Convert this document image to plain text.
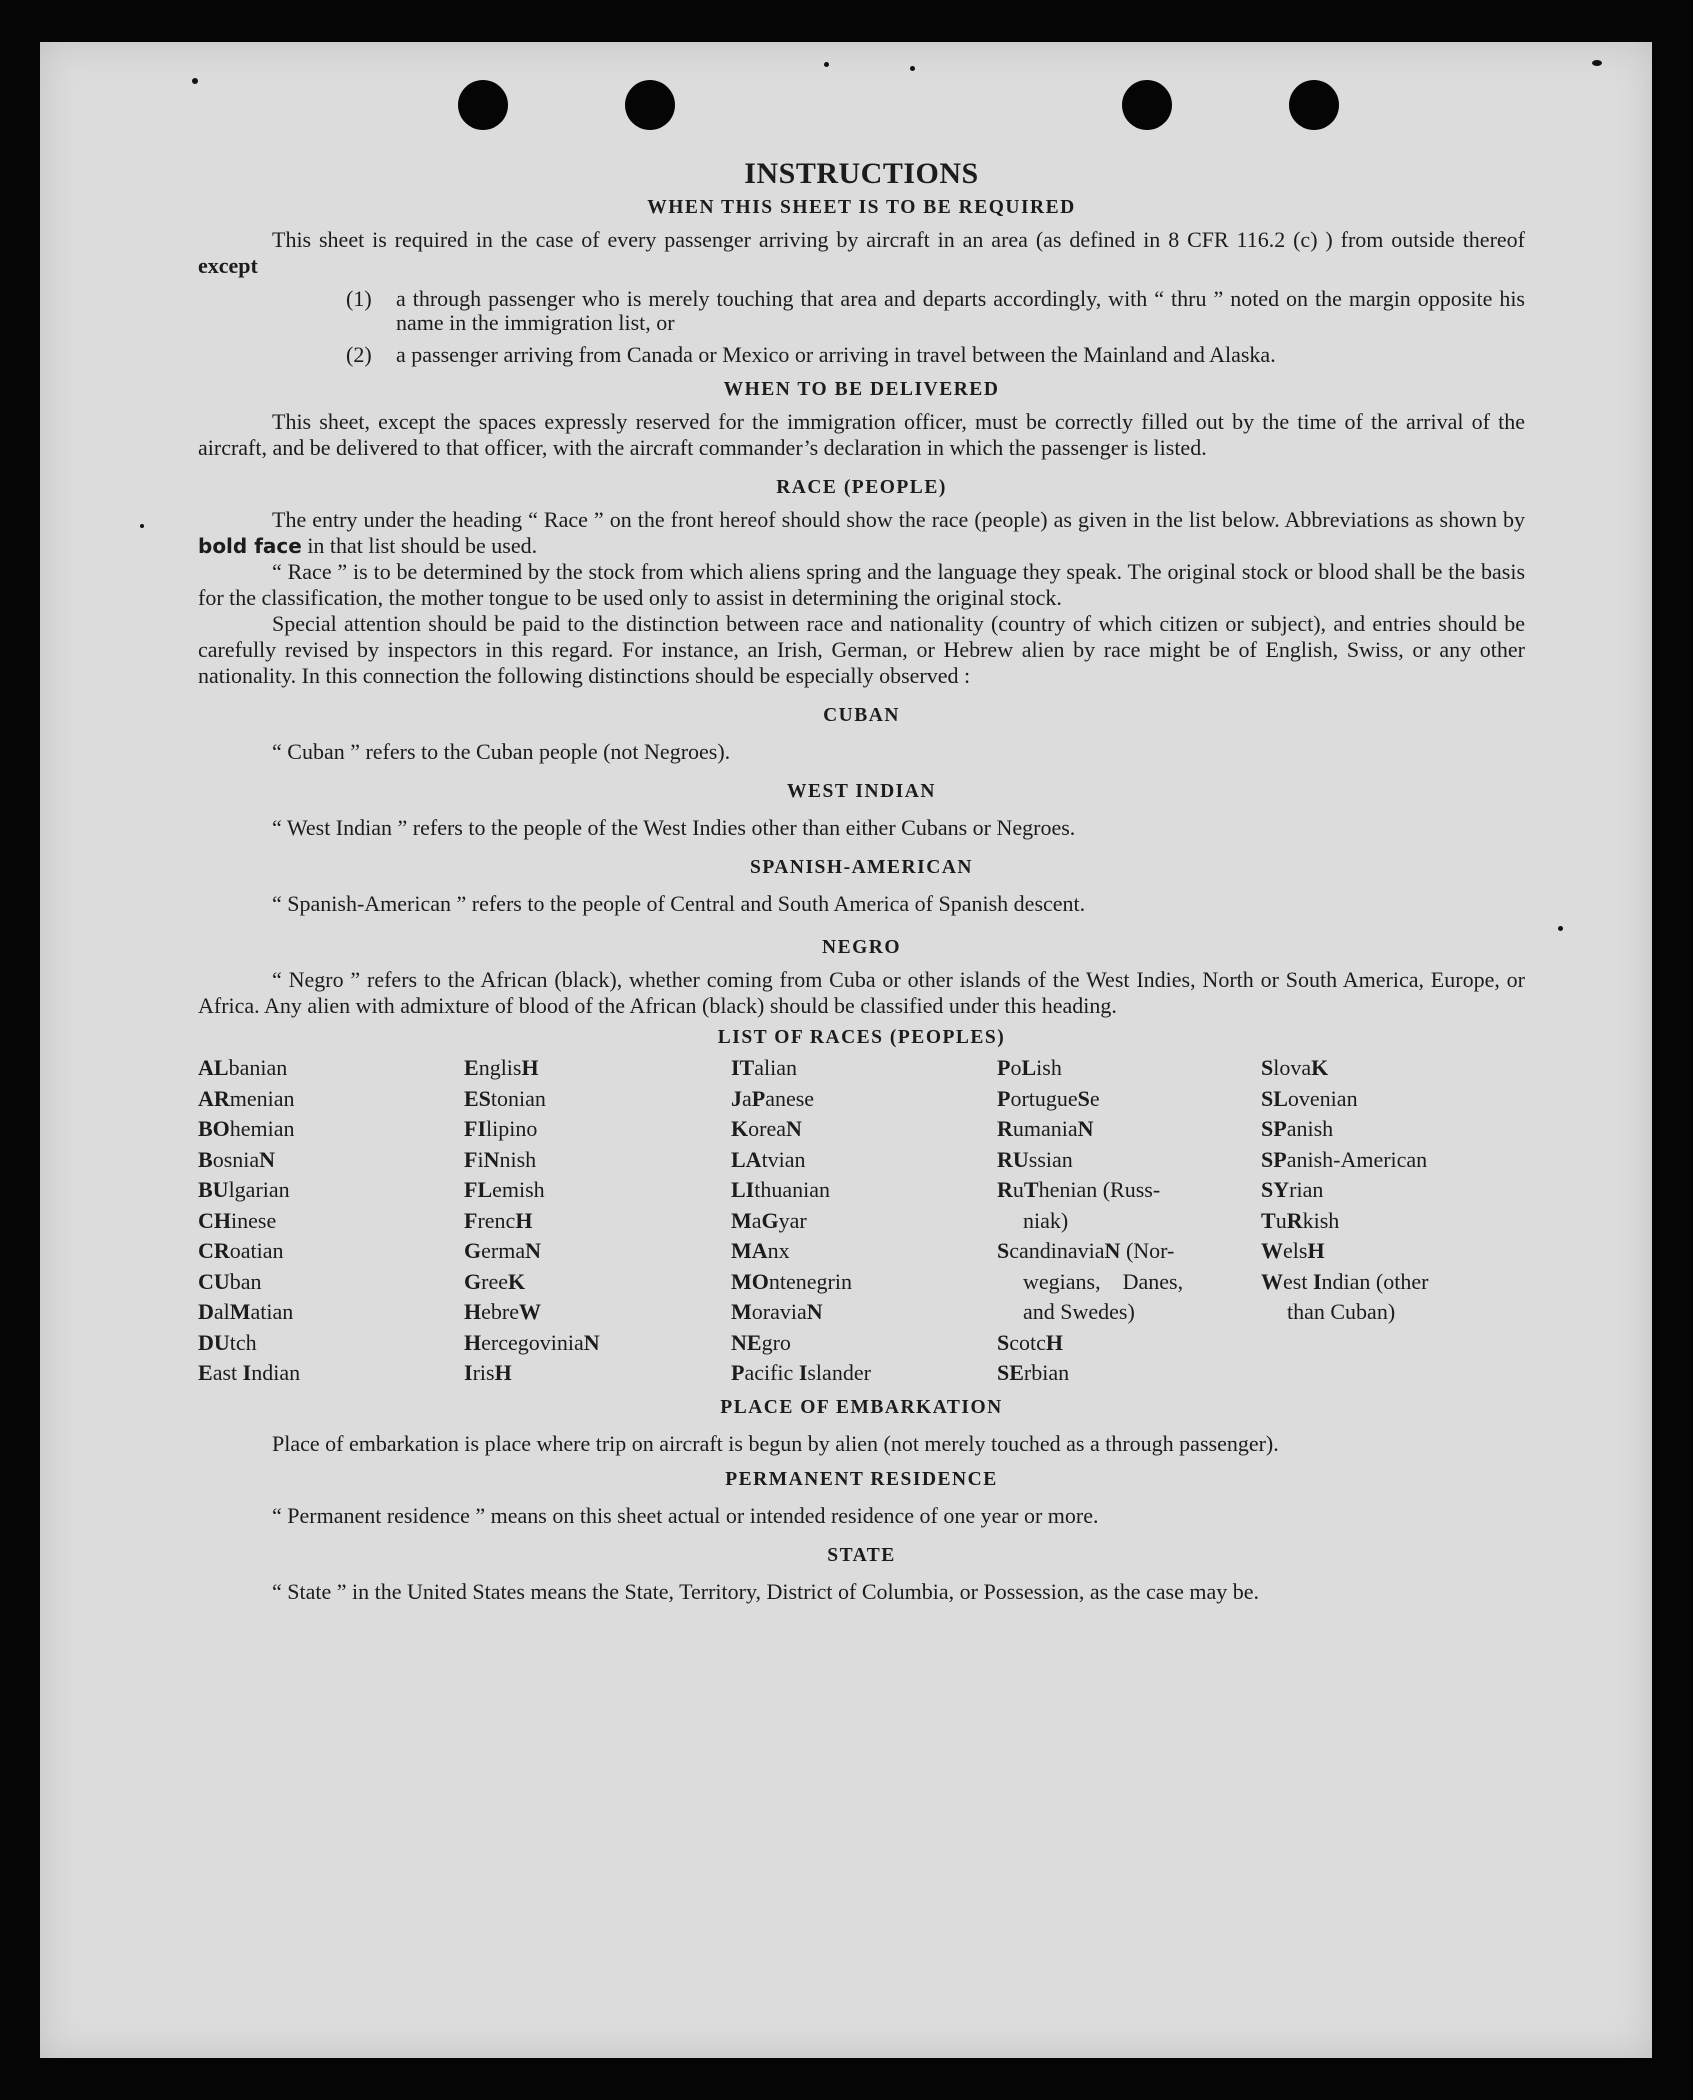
INSTRUCTIONS
WHEN THIS SHEET IS TO BE REQUIRED

This sheet is required in the case of every passenger arriving by aircraft in an area (as defined in 8 CFR 116.2 (c) ) from outside thereof except

(1)	a through passenger who is merely touching that area and departs accordingly, with “ thru ” noted on the margin opposite his name in the immigration list, or
(2)	a passenger arriving from Canada or Mexico or arriving in travel between the Mainland and Alaska.
WHEN TO BE DELIVERED

This sheet, except the spaces expressly reserved for the immigration officer, must be correctly filled out by the time of the arrival of the aircraft, and be delivered to that officer, with the aircraft commander’s declaration in which the passenger is listed.

RACE (PEOPLE)

The entry under the heading “ Race ” on the front hereof should show the race (people) as given in the list below. Abbreviations as shown by bold face in that list should be used.

“ Race ” is to be determined by the stock from which aliens spring and the language they speak. The original stock or blood shall be the basis for the classification, the mother tongue to be used only to assist in determining the original stock.

Special attention should be paid to the distinction between race and nationality (country of which citizen or subject), and entries should be carefully revised by inspectors in this regard. For instance, an Irish, German, or Hebrew alien by race might be of English, Swiss, or any other nationality. In this connection the following distinctions should be especially observed :

CUBAN

“ Cuban ” refers to the Cuban people (not Negroes).

WEST INDIAN

“ West Indian ” refers to the people of the West Indies other than either Cubans or Negroes.

SPANISH-AMERICAN

“ Spanish-American ” refers to the people of Central and South America of Spanish descent.

NEGRO

“ Negro ” refers to the African (black), whether coming from Cuba or other islands of the West Indies, North or South America, Europe, or Africa. Any alien with admixture of blood of the African (black) should be classified under this heading.

LIST OF RACES (PEOPLES)
ALbanian
ARmenian
BOhemian
BosniaN
BUlgarian
CHinese
CRoatian
CUban
DalMatian
DUtch
East Indian
EnglisH
EStonian
FIlipino
FiNnish
FLemish
FrencH
GermaN
GreeK
HebreW
HercegoviniaN
IrisH
ITalian
JaPanese
KoreaN
LAtvian
LIthuanian
MaGyar
MAnx
MOntenegrin
MoraviaN
NEgro
Pacific Islander
PoLish
PortugueSe
RumaniaN
RUssian
RuThenian (Russ-
niak)
ScandinaviaN (Nor-
wegians,    Danes,
and Swedes)
ScotcH
SErbian
SlovaK
SLovenian
SPanish
SPanish-American
SYrian
TuRkish
WelsH
West Indian (other
than Cuban)
PLACE OF EMBARKATION

Place of embarkation is place where trip on aircraft is begun by alien (not merely touched as a through passenger).

PERMANENT RESIDENCE

“ Permanent residence ” means on this sheet actual or intended residence of one year or more.

STATE

“ State ” in the United States means the State, Territory, District of Columbia, or Possession, as the case may be.
